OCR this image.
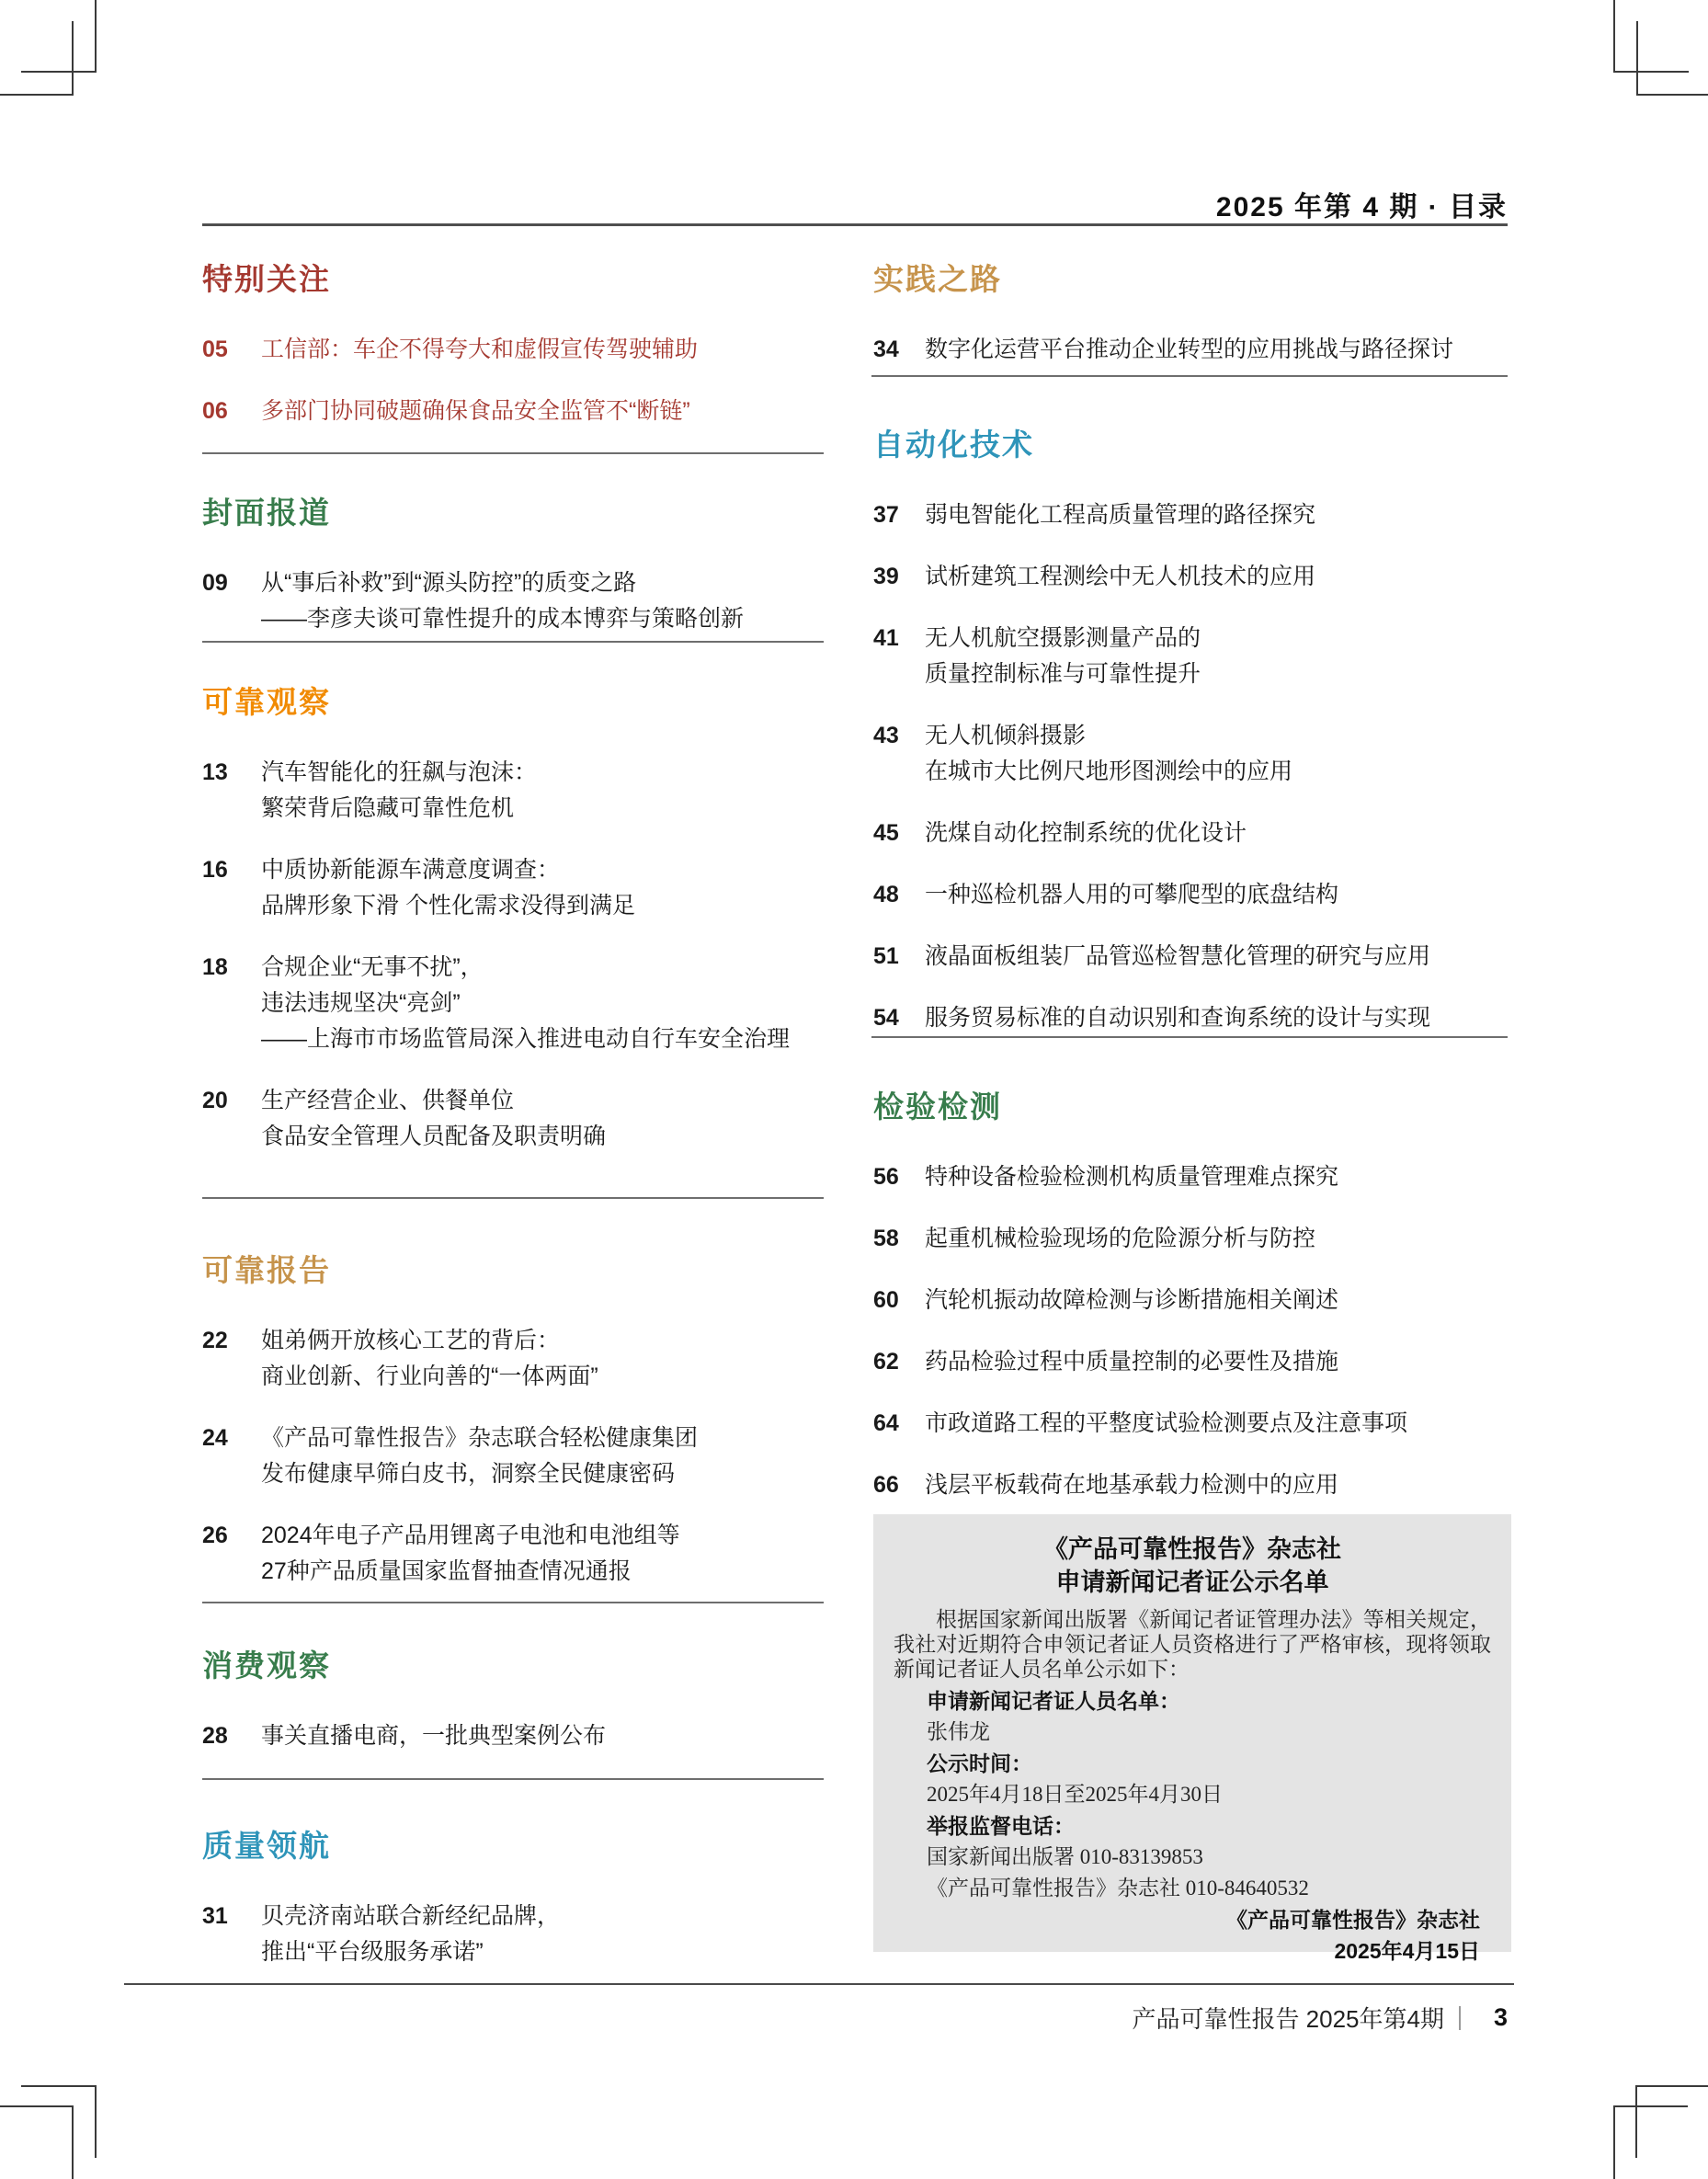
2025 年第 4 期 · 目录
特别关注
05	工信部：车企不得夸大和虚假宣传驾驶辅助
06	多部门协同破题确保食品安全监管不“断链”
封面报道
09	从“事后补救”到“源头防控”的质变之路
——李彦夫谈可靠性提升的成本博弈与策略创新
可靠观察
13	汽车智能化的狂飙与泡沫：
繁荣背后隐藏可靠性危机
16	中质协新能源车满意度调查：
品牌形象下滑 个性化需求没得到满足
18	合规企业“无事不扰”，
违法违规坚决“亮剑”
——上海市市场监管局深入推进电动自行车安全治理
20	生产经营企业、供餐单位
食品安全管理人员配备及职责明确
可靠报告
22	姐弟俩开放核心工艺的背后：
商业创新、行业向善的“一体两面”
24	《产品可靠性报告》杂志联合轻松健康集团
发布健康早筛白皮书，洞察全民健康密码
26	2024年电子产品用锂离子电池和电池组等
27种产品质量国家监督抽查情况通报
消费观察
28	事关直播电商，一批典型案例公布
质量领航
31	贝壳济南站联合新经纪品牌，
推出“平台级服务承诺”
实践之路
34	数字化运营平台推动企业转型的应用挑战与路径探讨
自动化技术
37	弱电智能化工程高质量管理的路径探究
39	试析建筑工程测绘中无人机技术的应用
41	无人机航空摄影测量产品的
质量控制标准与可靠性提升
43	无人机倾斜摄影
在城市大比例尺地形图测绘中的应用
45	洗煤自动化控制系统的优化设计
48	一种巡检机器人用的可攀爬型的底盘结构
51	液晶面板组装厂品管巡检智慧化管理的研究与应用
54	服务贸易标准的自动识别和查询系统的设计与实现
检验检测
56	特种设备检验检测机构质量管理难点探究
58	起重机械检验现场的危险源分析与防控
60	汽轮机振动故障检测与诊断措施相关阐述
62	药品检验过程中质量控制的必要性及措施
64	市政道路工程的平整度试验检测要点及注意事项
66	浅层平板载荷在地基承载力检测中的应用

《产品可靠性报告》杂志社

申请新闻记者证公示名单

根据国家新闻出版署《新闻记者证管理办法》等相关规定，我社对近期符合申领记者证人员资格进行了严格审核，现将领取新闻记者证人员名单公示如下：
申请新闻记者证人员名单：
张伟龙
公示时间：
2025年4月18日至2025年4月30日
举报监督电话：
国家新闻出版署 010-83139853
《产品可靠性报告》杂志社 010-84640532
《产品可靠性报告》杂志社
2025年4月15日
产品可靠性报告 2025年第4期 3
